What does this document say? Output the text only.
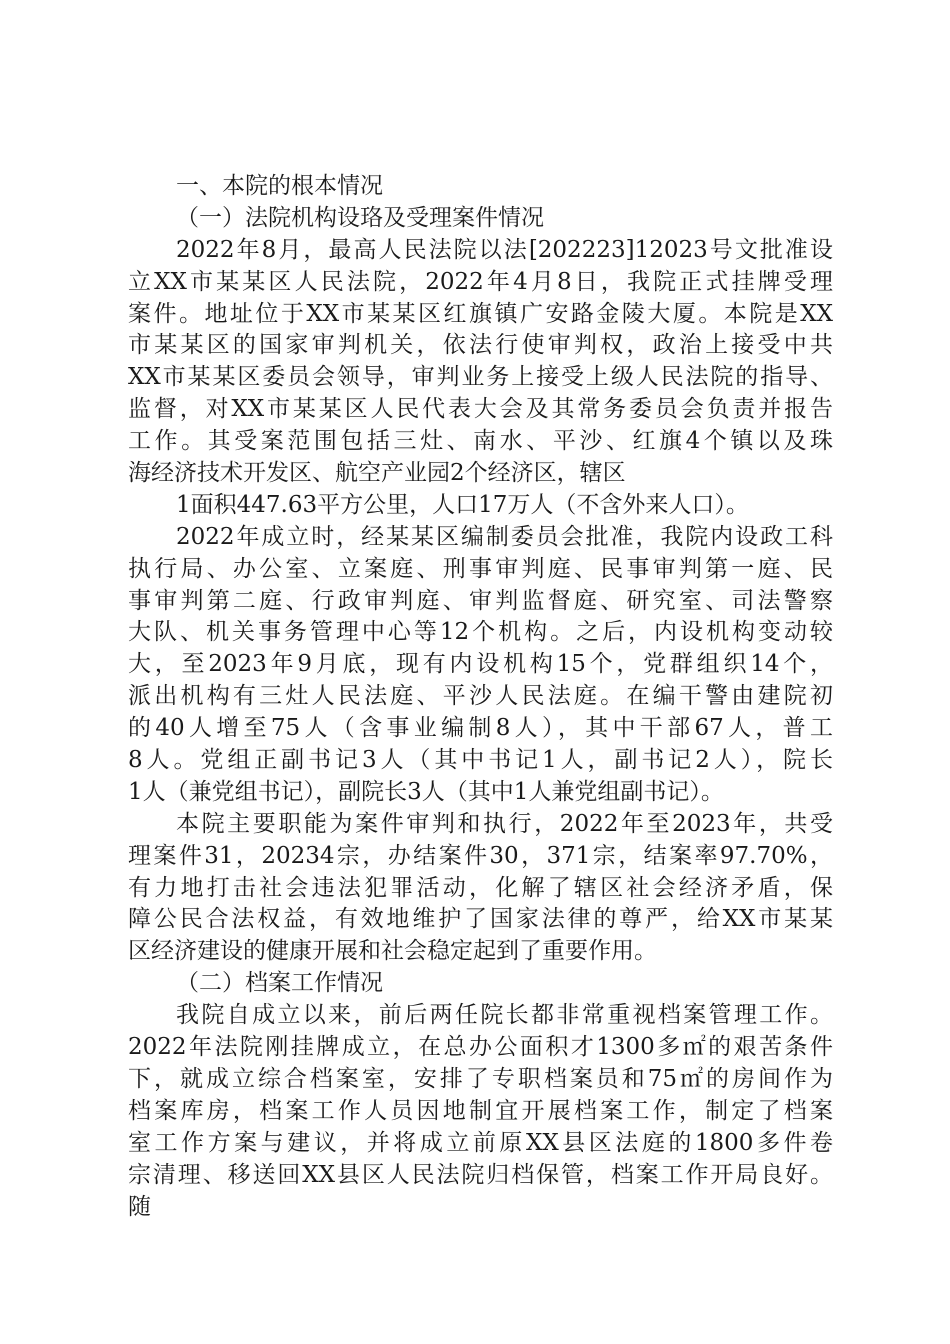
一、本院的根本情况
（一）法院机构设珞及受理案件情况
2022年8月，最高人民法院以法[202223]12023号文批准设
立XX市某某区人民法院，2022年4月8日，我院正式挂牌受理
案件。地址位于XX市某某区红旗镇广安路金陵大厦。本院是XX
市某某区的国家审判机关，依法行使审判权，政治上接受中共
XX市某某区委员会领导，审判业务上接受上级人民法院的指导、
监督，对XX市某某区人民代表大会及其常务委员会负责并报告
工作。其受案范围包括三灶、南水、平沙、红旗4个镇以及珠
海经济技术开发区、航空产业园2个经济区，辖区
1面积447.63平方公里，人口17万人（不含外来人口）。
2022年成立时，经某某区编制委员会批准，我院内设政工科
执行局、办公室、立案庭、刑事审判庭、民事审判第一庭、民
事审判第二庭、行政审判庭、审判监督庭、研究室、司法警察
大队、机关事务管理中心等12个机构。之后，内设机构变动较
大，至2023年9月底，现有内设机构15个，党群组织14个，
派出机构有三灶人民法庭、平沙人民法庭。在编干警由建院初
的40人增至75人（含事业编制8人），其中干部67人，普工
8人。党组正副书记3人（其中书记1人，副书记2人），院长
1人（兼党组书记），副院长3人（其中1人兼党组副书记）。
本院主要职能为案件审判和执行，2022年至2023年，共受
理案件31，20234宗，办结案件30，371宗，结案率97.70%，
有力地打击社会违法犯罪活动，化解了辖区社会经济矛盾，保
障公民合法权益，有效地维护了国家法律的尊严，给XX市某某
区经济建设的健康开展和社会稳定起到了重要作用。
（二）档案工作情况
我院自成立以来，前后两任院长都非常重视档案管理工作。
2022年法院刚挂牌成立，在总办公面积才1300多㎡的艰苦条件
下，就成立综合档案室，安排了专职档案员和75㎡的房间作为
档案库房，档案工作人员因地制宜开展档案工作，制定了档案
室工作方案与建议，并将成立前原XX县区法庭的1800多件卷
宗清理、移送回XX县区人民法院归档保管，档案工作开局良好。
随
